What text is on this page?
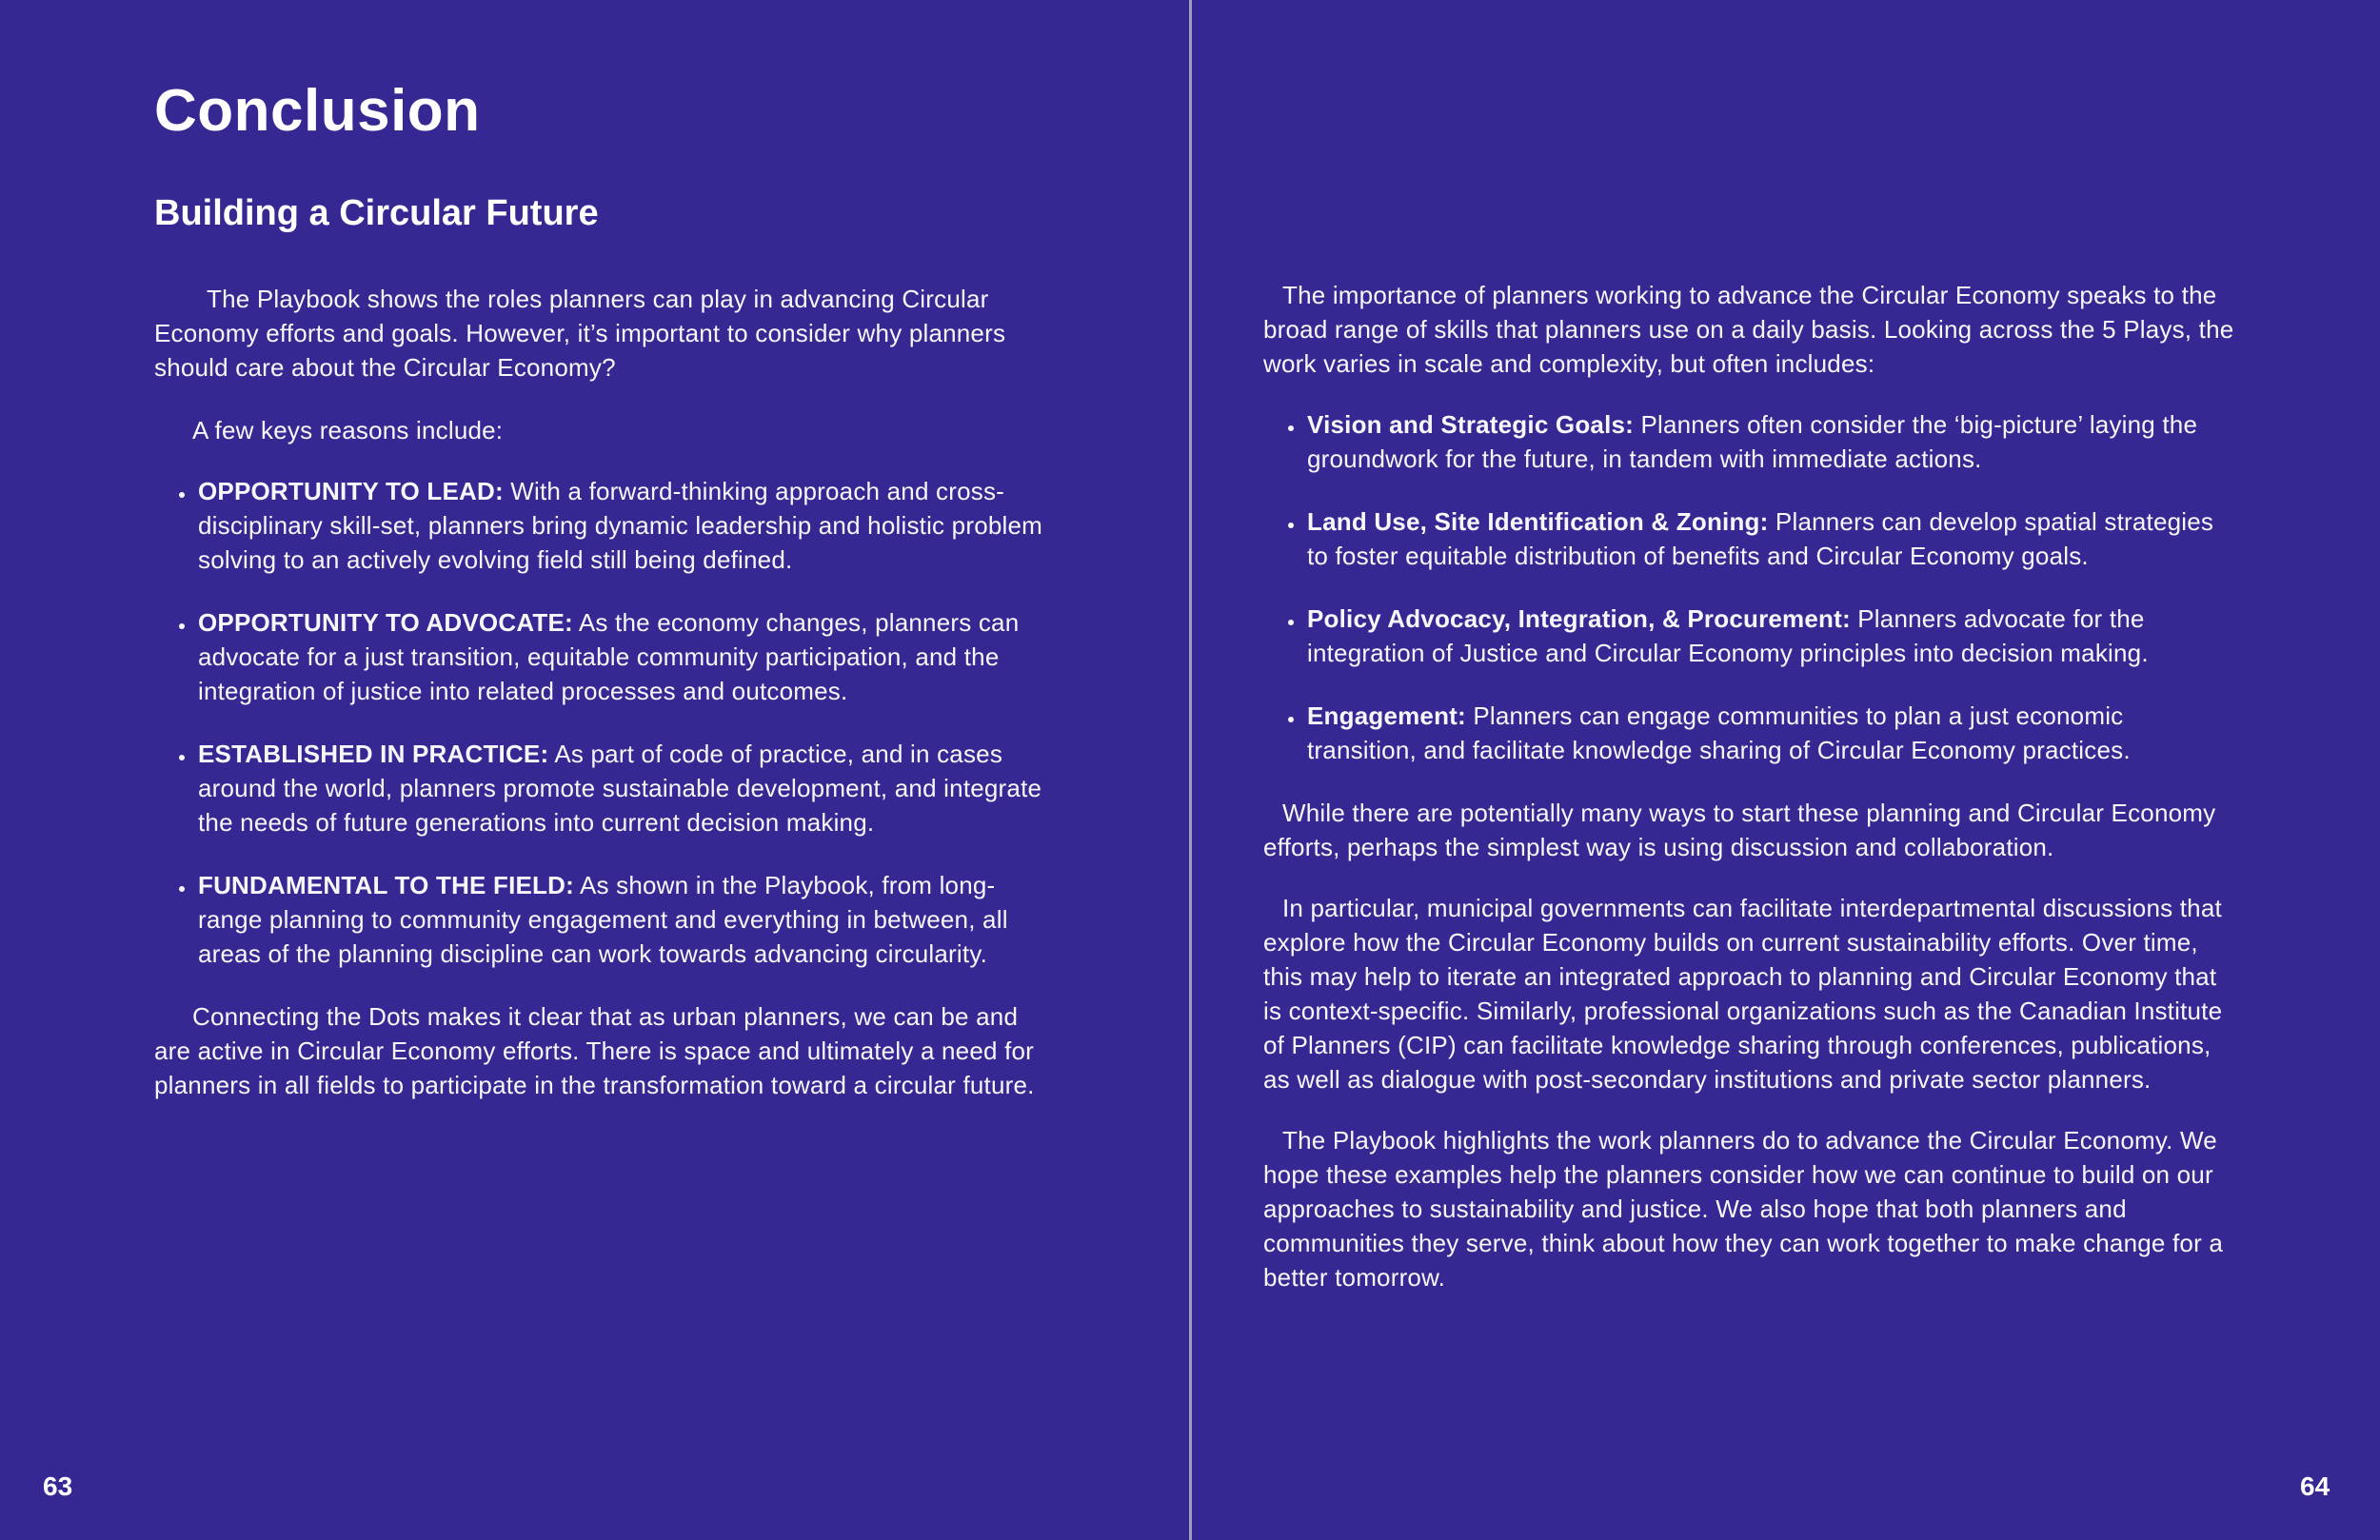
Conclusion
Building a Circular Future

The Playbook shows the roles planners can play in advancing Circular Economy efforts and goals. However, it’s important to consider why planners should care about the Circular Economy?

A few keys reasons include:

• OPPORTUNITY TO LEAD: With a forward-thinking approach and cross-disciplinary skill-set, planners bring dynamic leadership and holistic problem solving to an actively evolving field still being defined.
• OPPORTUNITY TO ADVOCATE: As the economy changes, planners can advocate for a just transition, equitable community participation, and the integration of justice into related processes and outcomes.
• ESTABLISHED IN PRACTICE: As part of code of practice, and in cases around the world, planners promote sustainable development, and integrate the needs of future generations into current decision making.
• FUNDAMENTAL TO THE FIELD: As shown in the Playbook, from long-range planning to community engagement and everything in between, all areas of the planning discipline can work towards advancing circularity.

Connecting the Dots makes it clear that as urban planners, we can be and are active in Circular Economy efforts. There is space and ultimately a need for planners in all fields to participate in the transformation toward a circular future.

The importance of planners working to advance the Circular Economy speaks to the broad range of skills that planners use on a daily basis. Looking across the 5 Plays, the work varies in scale and complexity, but often includes:

• Vision and Strategic Goals: Planners often consider the ‘big-picture’ laying the groundwork for the future, in tandem with immediate actions.
• Land Use, Site Identification & Zoning: Planners can develop spatial strategies to foster equitable distribution of benefits and Circular Economy goals.
• Policy Advocacy, Integration, & Procurement: Planners advocate for the integration of Justice and Circular Economy principles into decision making.
• Engagement: Planners can engage communities to plan a just economic transition, and facilitate knowledge sharing of Circular Economy practices.

While there are potentially many ways to start these planning and Circular Economy efforts, perhaps the simplest way is using discussion and collaboration.

In particular, municipal governments can facilitate interdepartmental discussions that explore how the Circular Economy builds on current sustainability efforts. Over time, this may help to iterate an integrated approach to planning and Circular Economy that is context-specific. Similarly, professional organizations such as the Canadian Institute of Planners (CIP) can facilitate knowledge sharing through conferences, publications, as well as dialogue with post-secondary institutions and private sector planners.

The Playbook highlights the work planners do to advance the Circular Economy. We hope these examples help the planners consider how we can continue to build on our approaches to sustainability and justice. We also hope that both planners and communities they serve, think about how they can work together to make change for a better tomorrow.

63	64
